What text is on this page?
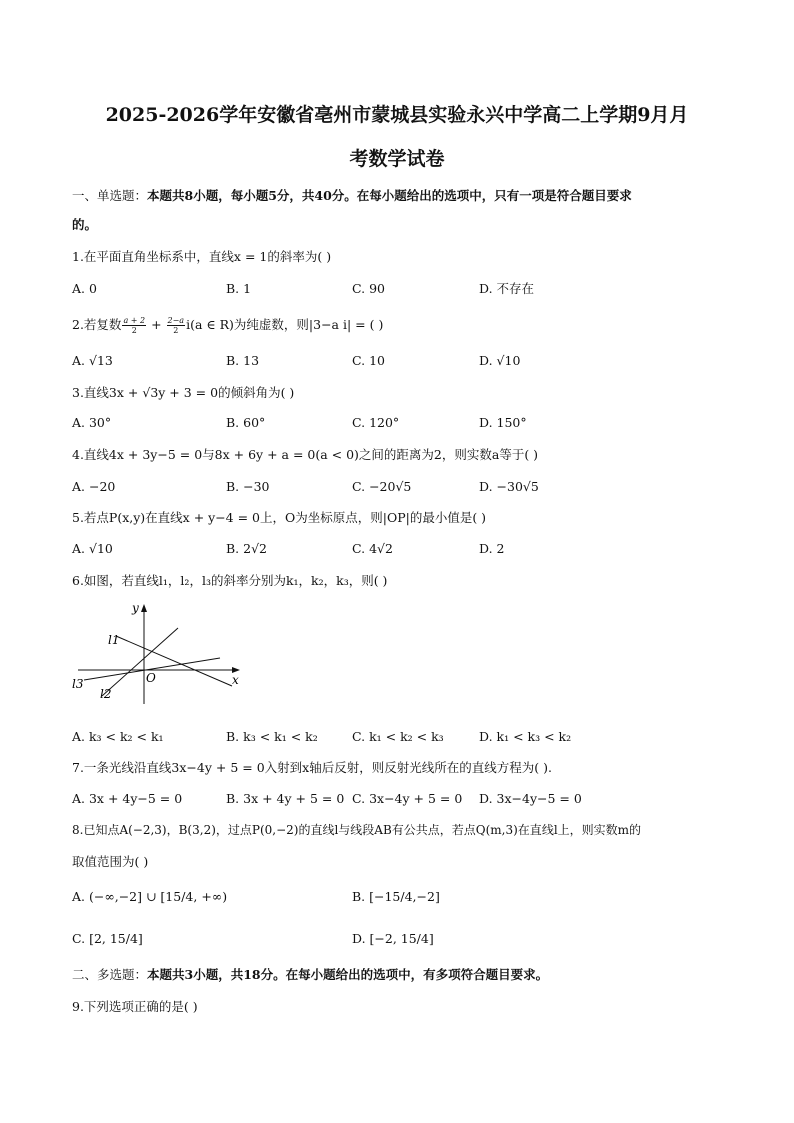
2025-2026学年安徽省亳州市蒙城县实验永兴中学高二上学期9月月
考数学试卷
一、单选题：本题共8小题，每小题5分，共40分。在每小题给出的选项中，只有一项是符合题目要求
的。
1.在平面直角坐标系中，直线x = 1的斜率为( )
A. 0	B. 1	C. 90	D. 不存在
2.若复数 $\frac{a + 2}{2} + \frac{2-a}{2} i(a$ ∈ R)为纯虚数，则|3−a i| = ( )
A. √13	B. 13	C. 10	D. √10
3.直线3x + √3y + 3 = 0的倾斜角为( )
A. 30°	B. 60°	C. 120°	D. 150°
4.直线4x + 3y−5 = 0与8x + 6y + a = 0(a < 0)之间的距离为2，则实数a等于( )
A. −20	B. −30	C. −20√5	D. −30√5
5.若点P(x,y)在直线x + y−4 = 0上，O为坐标原点，则|OP|的最小值是( )
A. √10	B. 2√2	C. 4√2	D. 2
6.如图，若直线l₁，l₂，l₃的斜率分别为k₁，k₂，k₃，则( )
y
x
O
l1
l2
l3
A. k₃ < k₂ < k₁	B. k₃ < k₁ < k₂	C. k₁ < k₂ < k₃	D. k₁ < k₃ < k₂
7.一条光线沿直线3x−4y + 5 = 0入射到x轴后反射，则反射光线所在的直线方程为( ).
A. 3x + 4y−5 = 0	B. 3x + 4y + 5 = 0 C. 3x−4y + 5 = 0 D. 3x−4y−5 = 0
8.已知点A(−2,3)，B(3,2)，过点P(0,−2)的直线l与线段AB有公共点，若点Q(m,3)在直线l上，则实数m的
取值范围为( )
A. (−∞,−2] ∪ [15/4, +∞)	B. [−15/4,−2]
C. [2, 15/4]	D. [−2, 15/4]
二、多选题：本题共3小题，共18分。在每小题给出的选项中，有多项符合题目要求。
9.下列选项正确的是( )
